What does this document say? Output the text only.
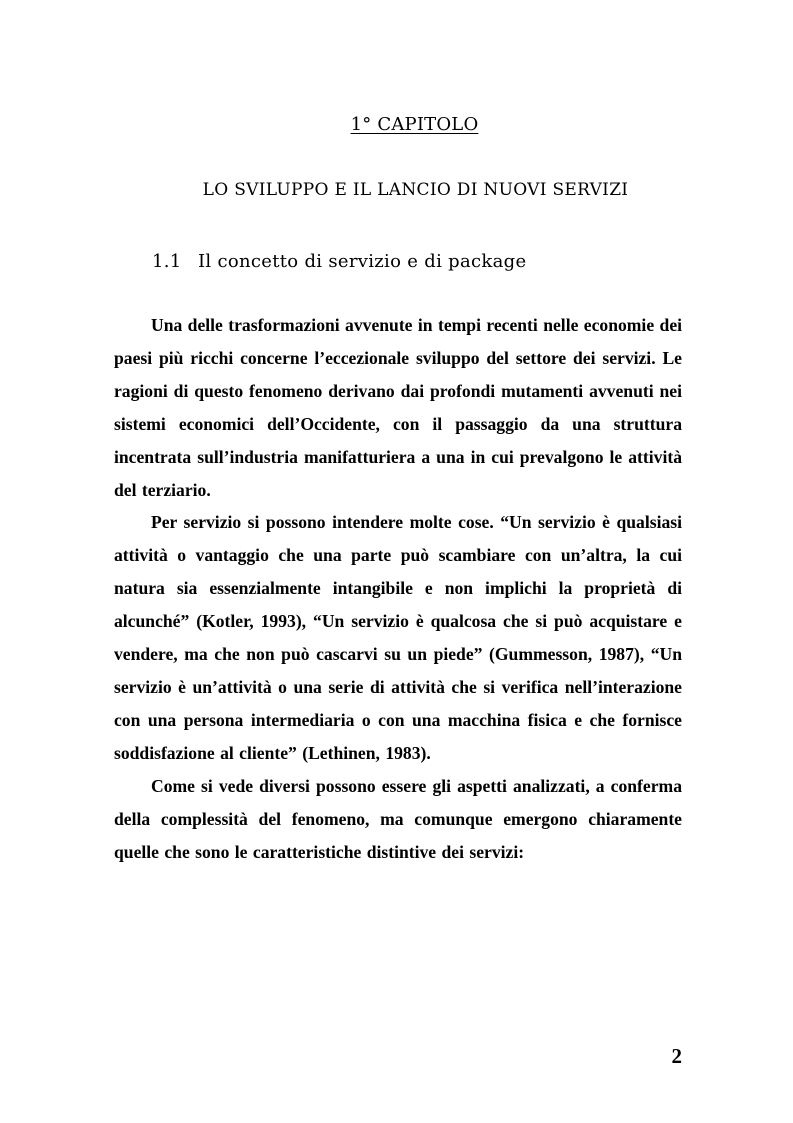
1° CAPITOLO
LO SVILUPPO E IL LANCIO DI NUOVI SERVIZI
1.1 Il concetto di servizio e di package

Una delle trasformazioni avvenute in tempi recenti nelle economie dei paesi più ricchi concerne l’eccezionale sviluppo del settore dei servizi. Le ragioni di questo fenomeno derivano dai profondi mutamenti avvenuti nei sistemi economici dell’Occidente, con il passaggio da una struttura incentrata sull’industria manifatturiera a una in cui prevalgono le attività del terziario.

Per servizio si possono intendere molte cose. “Un servizio è qualsiasi attività o vantaggio che una parte può scambiare con un’altra, la cui natura sia essenzialmente intangibile e non implichi la proprietà di alcunché” (Kotler, 1993), “Un servizio è qualcosa che si può acquistare e vendere, ma che non può cascarvi su un piede” (Gummesson, 1987), “Un servizio è un’attività o una serie di attività che si verifica nell’interazione con una persona intermediaria o con una macchina fisica e che fornisce soddisfazione al cliente” (Lethinen, 1983).

Come si vede diversi possono essere gli aspetti analizzati, a conferma della complessità del fenomeno, ma comunque emergono chiaramente quelle che sono le caratteristiche distintive dei servizi:

2
